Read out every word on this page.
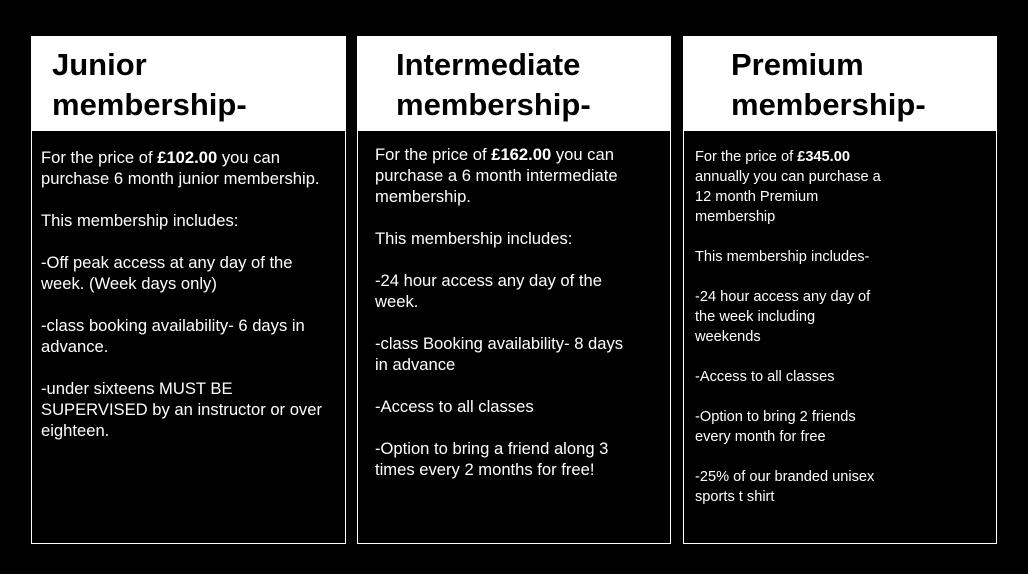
Junior
membership-

For the price of £102.00 you can
purchase 6 month junior membership.

This membership includes:

-Off peak access at any day of the
week. (Week days only)

-class booking availability- 6 days in
advance.

-under sixteens MUST BE
SUPERVISED by an instructor or over
eighteen.

Intermediate
membership-

For the price of £162.00 you can
purchase a 6 month intermediate
membership.

This membership includes:

-24 hour access any day of the
week.

-class Booking availability- 8 days
in advance

-Access to all classes

-Option to bring a friend along 3
times every 2 months for free!

Premium
membership-

For the price of £345.00
annually you can purchase a
12 month Premium
membership

This membership includes-

-24 hour access any day of
the week including
weekends

-Access to all classes

-Option to bring 2 friends
every month for free

-25% of our branded unisex
sports t shirt
